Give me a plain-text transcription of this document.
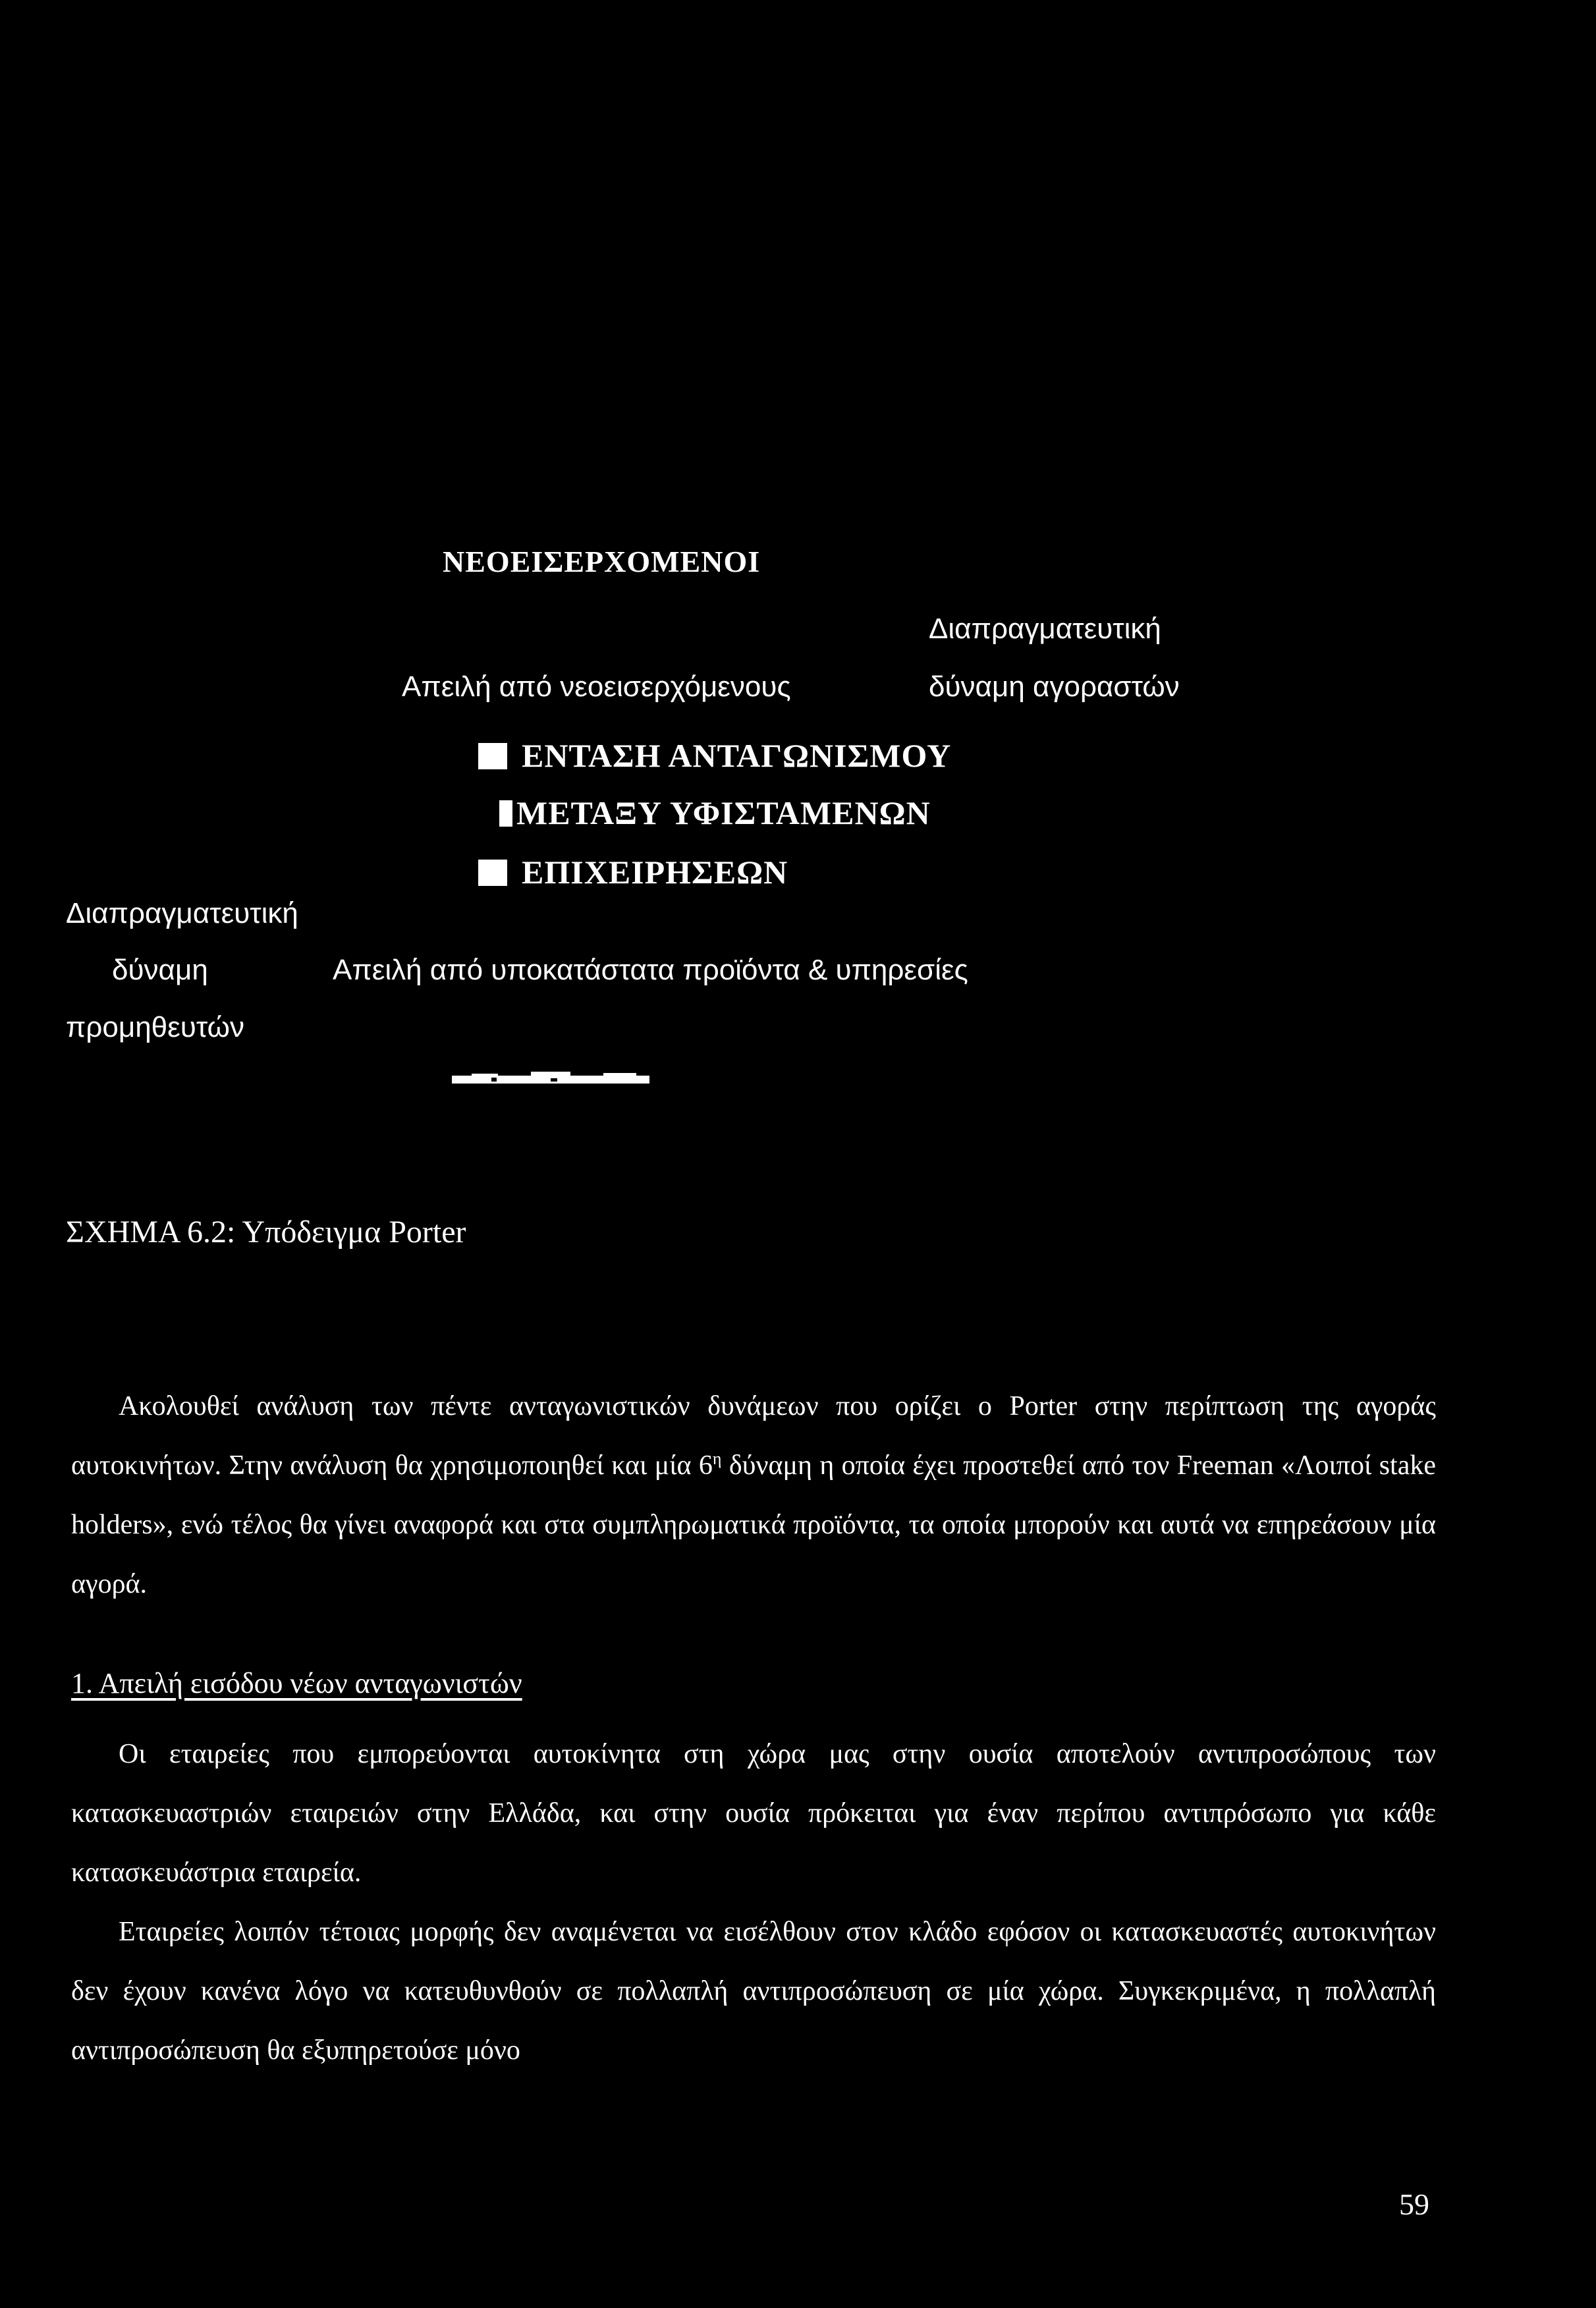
ΝΕΟΕΙΣΕΡΧΟΜΕΝΟΙ
Διαπραγματευτική
Απειλή από νεοεισερχόμενους	δύναμη αγοραστών
ΕΝΤΑΣΗ ΑΝΤΑΓΩΝΙΣΜΟΥ
ΜΕΤΑΞΥ ΥΦΙΣΤΑΜΕΝΩΝ
ΕΠΙΧΕΙΡΗΣΕΩΝ
Διαπραγματευτική
δύναμη	Απειλή από υποκατάστατα προϊόντα & υπηρεσίες
προμηθευτών
ΣΧΗΜΑ 6.2: Υπόδειγμα Porter

Ακολουθεί ανάλυση των πέντε ανταγωνιστικών δυνάμεων που ορίζει ο Porter στην περίπτωση της αγοράς αυτοκινήτων. Στην ανάλυση θα χρησιμοποιηθεί και μία $6^\eta$ δύναμη η οποία έχει προστεθεί από τον Freeman «Λοιποί stake holders», ενώ τέλος θα γίνει αναφορά και στα συμπληρωματικά προϊόντα, τα οποία μπορούν και αυτά να επηρεάσουν μία αγορά.

1. Απειλή εισόδου νέων ανταγωνιστών

Οι εταιρείες που εμπορεύονται αυτοκίνητα στη χώρα μας στην ουσία αποτελούν αντιπροσώπους των κατασκευαστριών εταιρειών στην Ελλάδα, και στην ουσία πρόκειται για έναν περίπου αντιπρόσωπο για κάθε κατασκευάστρια εταιρεία.

Εταιρείες λοιπόν τέτοιας μορφής δεν αναμένεται να εισέλθουν στον κλάδο εφόσον οι κατασκευαστές αυτοκινήτων δεν έχουν κανένα λόγο να κατευθυνθούν σε πολλαπλή αντιπροσώπευση σε μία χώρα. Συγκεκριμένα, η πολλαπλή αντιπροσώπευση θα εξυπηρετούσε μόνο

59
